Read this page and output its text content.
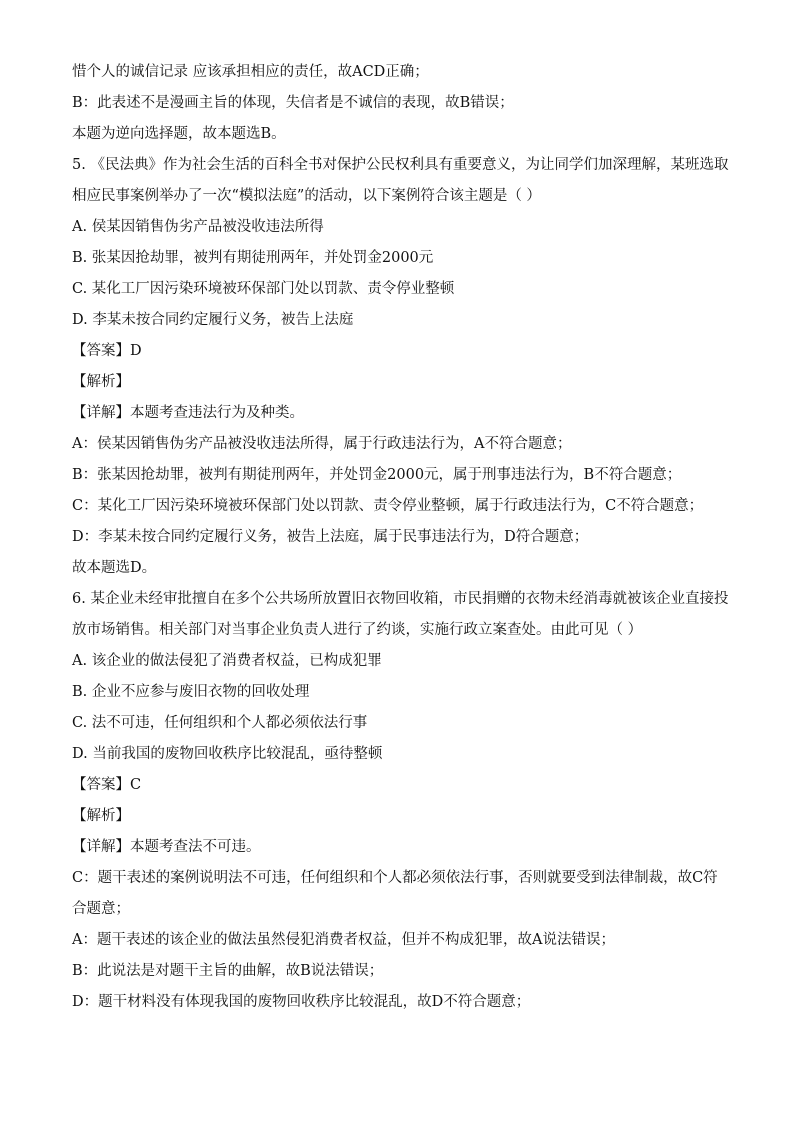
惜个人的诚信记录 应该承担相应的责任，故ACD正确；

B：此表述不是漫画主旨的体现，失信者是不诚信的表现，故B错误；

本题为逆向选择题，故本题选B。

5. 《民法典》作为社会生活的百科全书对保护公民权利具有重要意义，为让同学们加深理解，某班选取相应民事案例举办了一次“模拟法庭”的活动，以下案例符合该主题是（ ）

A. 侯某因销售伪劣产品被没收违法所得

B. 张某因抢劫罪，被判有期徒刑两年，并处罚金2000元

C. 某化工厂因污染环境被环保部门处以罚款、责令停业整顿

D. 李某未按合同约定履行义务，被告上法庭

【答案】D

【解析】

【详解】本题考查违法行为及种类。

A：侯某因销售伪劣产品被没收违法所得，属于行政违法行为，A不符合题意；

B：张某因抢劫罪，被判有期徒刑两年，并处罚金2000元，属于刑事违法行为，B不符合题意；

C：某化工厂因污染环境被环保部门处以罚款、责令停业整顿，属于行政违法行为，C不符合题意；

D：李某未按合同约定履行义务，被告上法庭，属于民事违法行为，D符合题意；

故本题选D。

6. 某企业未经审批擅自在多个公共场所放置旧衣物回收箱，市民捐赠的衣物未经消毒就被该企业直接投放市场销售。相关部门对当事企业负责人进行了约谈，实施行政立案查处。由此可见（ ）

A. 该企业的做法侵犯了消费者权益，已构成犯罪

B. 企业不应参与废旧衣物的回收处理

C. 法不可违，任何组织和个人都必须依法行事

D. 当前我国的废物回收秩序比较混乱，亟待整顿

【答案】C

【解析】

【详解】本题考查法不可违。

C：题干表述的案例说明法不可违，任何组织和个人都必须依法行事，否则就要受到法律制裁，故C符合题意；

A：题干表述的该企业的做法虽然侵犯消费者权益，但并不构成犯罪，故A说法错误；

B：此说法是对题干主旨的曲解，故B说法错误；

D：题干材料没有体现我国的废物回收秩序比较混乱，故D不符合题意；
